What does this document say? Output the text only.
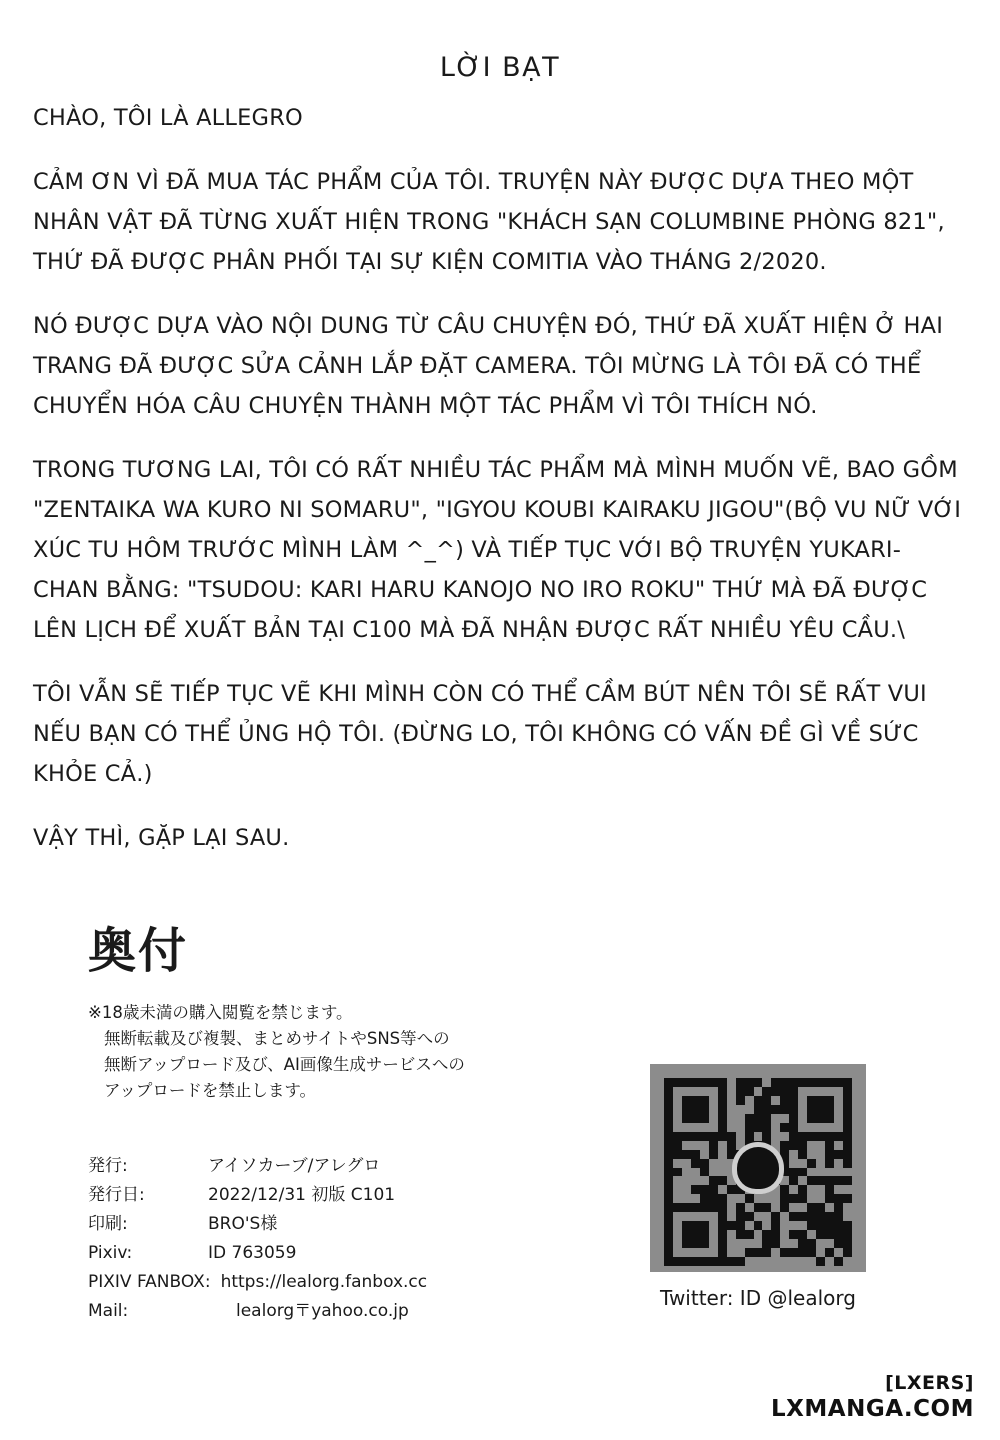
LỜI BẠT

CHÀO, TÔI LÀ ALLEGRO

CẢM ƠN VÌ ĐÃ MUA TÁC PHẨM CỦA TÔI. TRUYỆN NÀY ĐƯỢC DỰA THEO MỘT NHÂN VẬT ĐÃ TỪNG XUẤT HIỆN TRONG "KHÁCH SẠN COLUMBINE PHÒNG 821", THỨ ĐÃ ĐƯỢC PHÂN PHỐI TẠI SỰ KIỆN COMITIA VÀO THÁNG 2/2020.

NÓ ĐƯỢC DỰA VÀO NỘI DUNG TỪ CÂU CHUYỆN ĐÓ, THỨ ĐÃ XUẤT HIỆN Ở HAI TRANG ĐÃ ĐƯỢC SỬA CẢNH LẮP ĐẶT CAMERA. TÔI MỪNG LÀ TÔI ĐÃ CÓ THỂ CHUYỂN HÓA CÂU CHUYỆN THÀNH MỘT TÁC PHẨM VÌ TÔI THÍCH NÓ.

TRONG TƯƠNG LAI, TÔI CÓ RẤT NHIỀU TÁC PHẨM MÀ MÌNH MUỐN VẼ, BAO GỒM "ZENTAIKA WA KURO NI SOMARU", "IGYOU KOUBI KAIRAKU JIGOU"(BỘ VU NỮ VỚI XÚC TU HÔM TRƯỚC MÌNH LÀM ^_^) VÀ TIẾP TỤC VỚI BỘ TRUYỆN YUKARI-CHAN BẰNG: "TSUDOU: KARI HARU KANOJO NO IRO ROKU" THỨ MÀ ĐÃ ĐƯỢC LÊN LỊCH ĐỂ XUẤT BẢN TẠI C100 MÀ ĐÃ NHẬN ĐƯỢC RẤT NHIỀU YÊU CẦU.\

TÔI VẪN SẼ TIẾP TỤC VẼ KHI MÌNH CÒN CÓ THỂ CẦM BÚT NÊN TÔI SẼ RẤT VUI NẾU BẠN CÓ THỂ ỦNG HỘ TÔI. (ĐỪNG LO, TÔI KHÔNG CÓ VẤN ĐỀ GÌ VỀ SỨC KHỎE CẢ.)

VẬY THÌ, GẶP LẠI SAU.

奥付
※18歳未満の購入閲覧を禁じます。
無断転載及び複製、まとめサイトやSNS等への
無断アップロード及び、AI画像生成サービスへの
アップロードを禁止します。
発行:	アイソカーブ/アレグロ
発行日:	2022/12/31 初版 C101
印刷:	BRO'S様
Pixiv:	ID 763059
PIXIV FANBOX: https://lealorg.fanbox.cc
Mail:	lealorg〒yahoo.co.jp
Twitter: ID @lealorg
[LXERS]
LXMANGA.COM
